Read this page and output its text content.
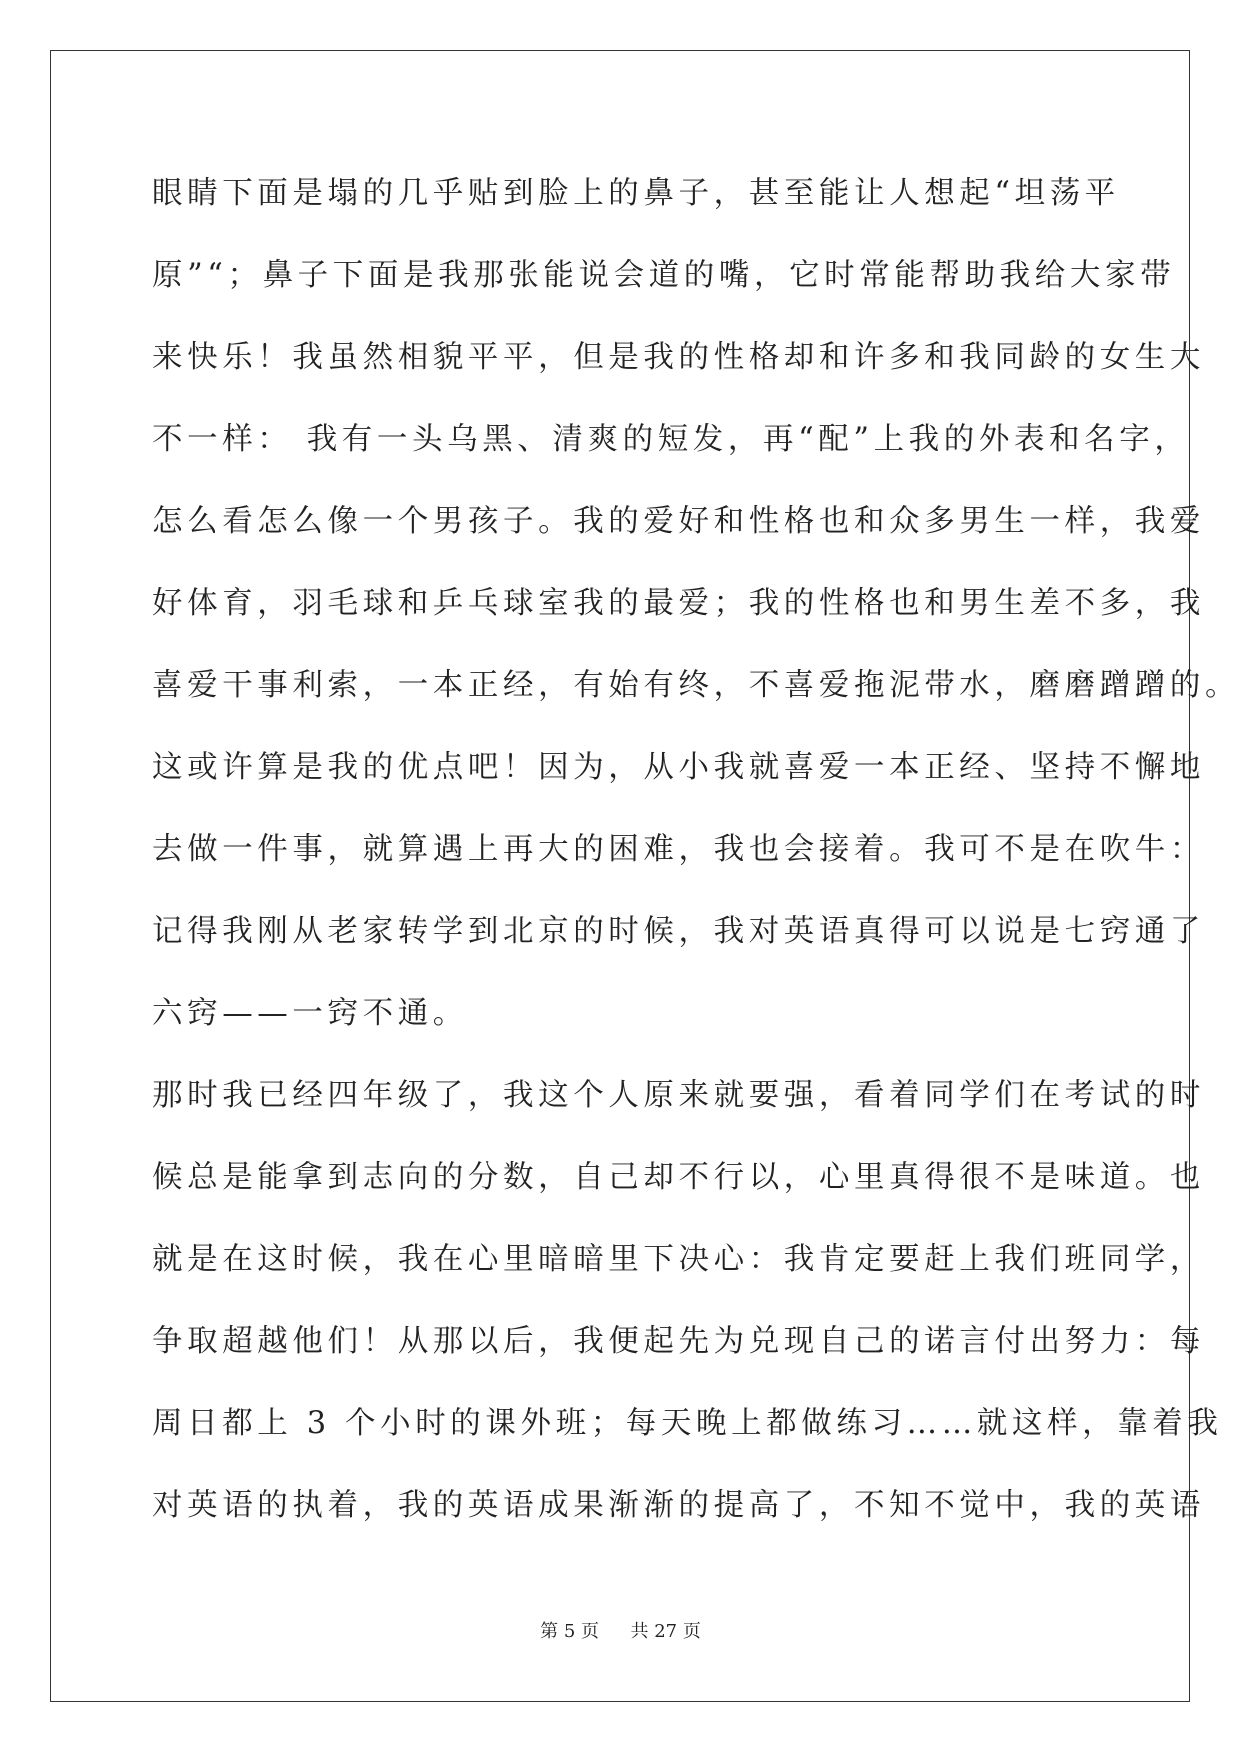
眼睛下面是塌的几乎贴到脸上的鼻子，甚至能让人想起“坦荡平
原”“；鼻子下面是我那张能说会道的嘴，它时常能帮助我给大家带
来快乐！我虽然相貌平平，但是我的性格却和许多和我同龄的女生大
不一样： 我有一头乌黑、清爽的短发，再“配”上我的外表和名字，
怎么看怎么像一个男孩子。我的爱好和性格也和众多男生一样，我爱
好体育，羽毛球和乒乓球室我的最爱；我的性格也和男生差不多，我
喜爱干事利索，一本正经，有始有终，不喜爱拖泥带水，磨磨蹭蹭的。
这或许算是我的优点吧！因为，从小我就喜爱一本正经、坚持不懈地
去做一件事，就算遇上再大的困难，我也会接着。我可不是在吹牛：
记得我刚从老家转学到北京的时候，我对英语真得可以说是七窍通了
六窍——一窍不通。
那时我已经四年级了，我这个人原来就要强，看着同学们在考试的时
候总是能拿到志向的分数，自己却不行以，心里真得很不是味道。也
就是在这时候，我在心里暗暗里下决心：我肯定要赶上我们班同学，
争取超越他们！从那以后，我便起先为兑现自己的诺言付出努力：每
周日都上 3 个小时的课外班；每天晚上都做练习……就这样，靠着我
对英语的执着，我的英语成果渐渐的提高了，不知不觉中，我的英语
第 5 页 共 27 页
